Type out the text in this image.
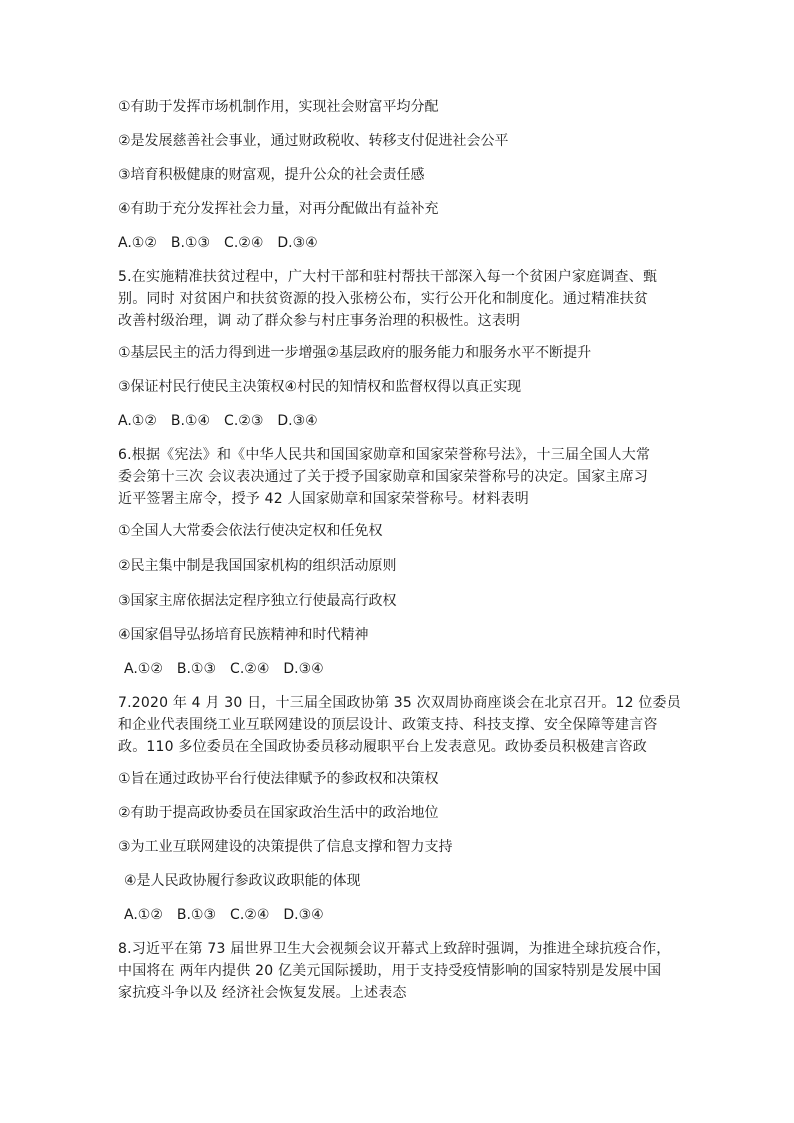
①有助于发挥市场机制作用，实现社会财富平均分配
②是发展慈善社会事业，通过财政税收、转移支付促进社会公平
③培育积极健康的财富观，提升公众的社会责任感
④有助于充分发挥社会力量，对再分配做出有益补充
A.①②　B.①③　C.②④　D.③④
5.在实施精准扶贫过程中，广大村干部和驻村帮扶干部深入每一个贫困户家庭调查、甄
别。同时 对贫困户和扶贫资源的投入张榜公布，实行公开化和制度化。通过精准扶贫
改善村级治理，调 动了群众参与村庄事务治理的积极性。这表明
①基层民主的活力得到进一步增强②基层政府的服务能力和服务水平不断提升
③保证村民行使民主决策权④村民的知情权和监督权得以真正实现
A.①②　B.①④　C.②③　D.③④
6.根据《宪法》和《中华人民共和国国家勋章和国家荣誉称号法》，十三届全国人大常
委会第十三次 会议表决通过了关于授予国家勋章和国家荣誉称号的决定。国家主席习
近平签署主席令，授予 42 人国家勋章和国家荣誉称号。材料表明
①全国人大常委会依法行使决定权和任免权
②民主集中制是我国国家机构的组织活动原则
③国家主席依据法定程序独立行使最高行政权
④国家倡导弘扬培育民族精神和时代精神
A.①②　B.①③　C.②④　D.③④
7.2020 年 4 月 30 日，十三届全国政协第 35 次双周协商座谈会在北京召开。12 位委员
和企业代表围绕工业互联网建设的顶层设计、政策支持、科技支撑、安全保障等建言咨
政。110 多位委员在全国政协委员移动履职平台上发表意见。政协委员积极建言咨政
①旨在通过政协平台行使法律赋予的参政权和决策权
②有助于提高政协委员在国家政治生活中的政治地位
③为工业互联网建设的决策提供了信息支撑和智力支持
④是人民政协履行参政议政职能的体现
A.①②　B.①③　C.②④　D.③④
8.习近平在第 73 届世界卫生大会视频会议开幕式上致辞时强调，为推进全球抗疫合作，
中国将在 两年内提供 20 亿美元国际援助，用于支持受疫情影响的国家特别是发展中国
家抗疫斗争以及 经济社会恢复发展。上述表态
